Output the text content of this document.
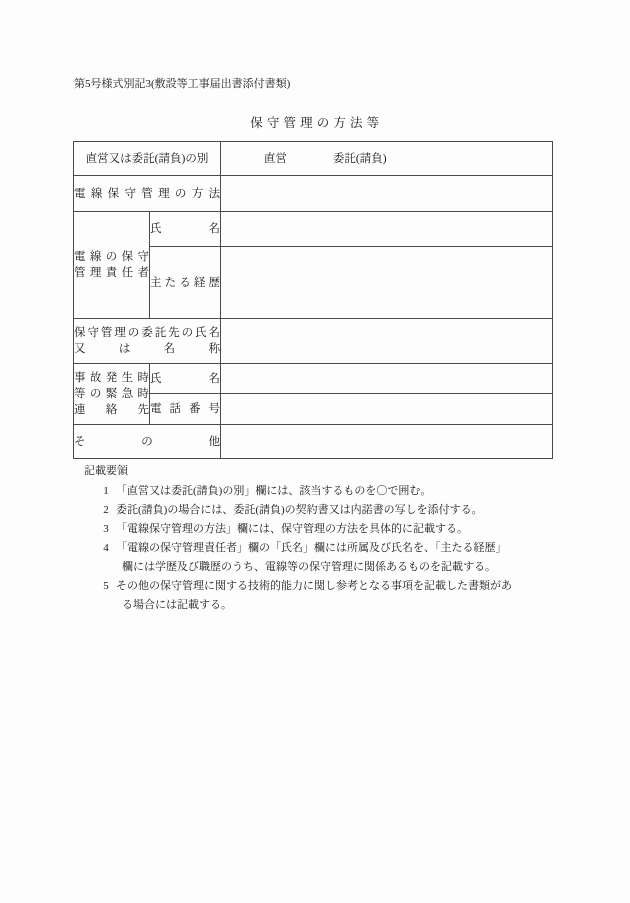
第5号様式別記3(敷設等工事届出書添付書類)
保 守 管 理 の 方 法 等
直営又は委託(請負)の別		直営 委託(請負)

電線保守管理の方法		

電線の保守
管理責任者	氏　　　名	

	主たる経歴	

保守管理の委託先の氏名
又　　は　　名　　称		

事故発生時
等の緊急時
連　絡　先	氏　　　名	

	電話番号	

そ　　　の　　　他		

記載要領
1 「直営又は委託(請負)の別」欄には、該当するものを〇で囲む。
2 委託(請負)の場合には、委託(請負)の契約書又は内諾書の写しを添付する。
3 「電線保守管理の方法」欄には、保守管理の方法を具体的に記載する。
4 「電線の保守管理責任者」欄の「氏名」欄には所属及び氏名を、「主たる経歴」
欄には学歴及び職歴のうち、電線等の保守管理に関係あるものを記載する。
5 その他の保守管理に関する技術的能力に関し参考となる事項を記載した書類があ
る場合には記載する。
